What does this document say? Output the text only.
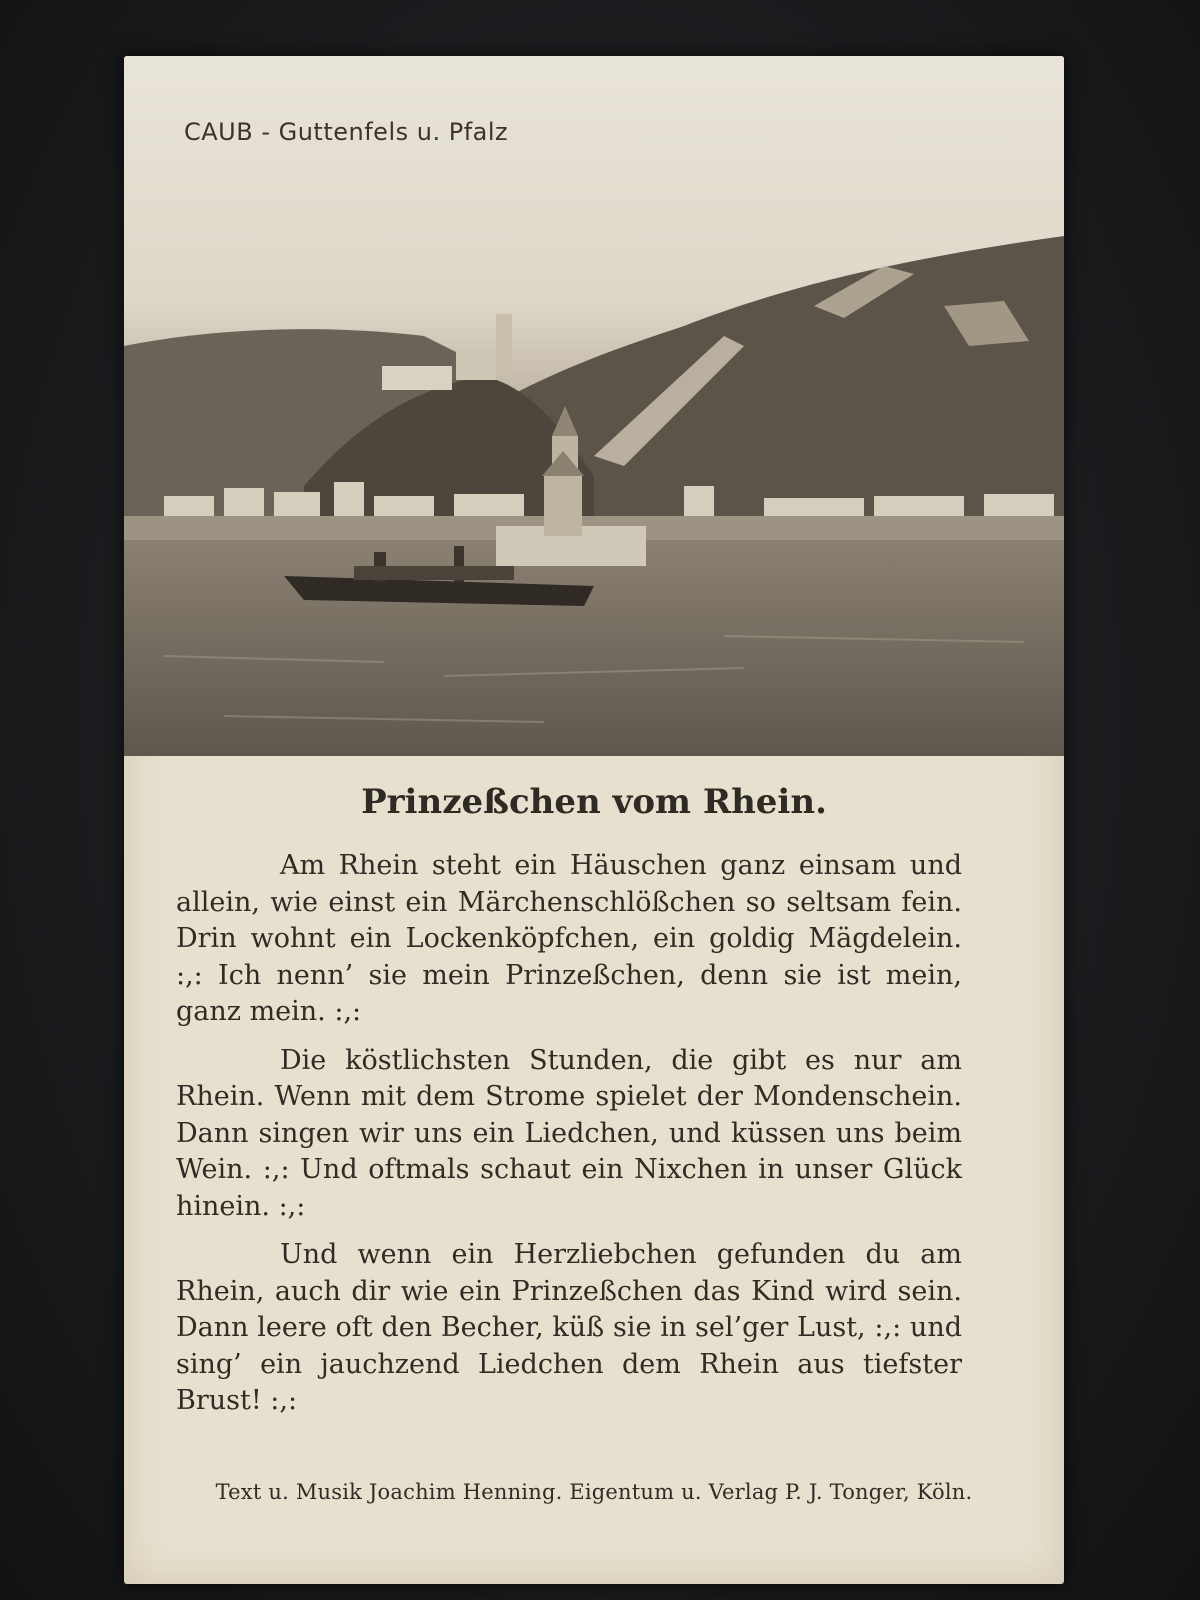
CAUB - Guttenfels u. Pfalz
Prinzeßchen vom Rhein.

Am Rhein steht ein Häuschen ganz einsam und allein, wie einst ein Märchenschlößchen so seltsam fein. Drin wohnt ein Lockenköpfchen, ein goldig Mägdelein. :,: Ich nenn’ sie mein Prinzeßchen, denn sie ist mein, ganz mein. :,:

Die köstlichsten Stunden, die gibt es nur am Rhein. Wenn mit dem Strome spielet der Mondenschein. Dann singen wir uns ein Liedchen, und küssen uns beim Wein. :,: Und oftmals schaut ein Nixchen in unser Glück hinein. :,:

Und wenn ein Herzliebchen gefunden du am Rhein, auch dir wie ein Prinzeßchen das Kind wird sein. Dann leere oft den Becher, küß sie in sel’ger Lust, :,: und sing’ ein jauchzend Liedchen dem Rhein aus tiefster Brust! :,:

Text u. Musik Joachim Henning. Eigentum u. Verlag P. J. Tonger, Köln.
